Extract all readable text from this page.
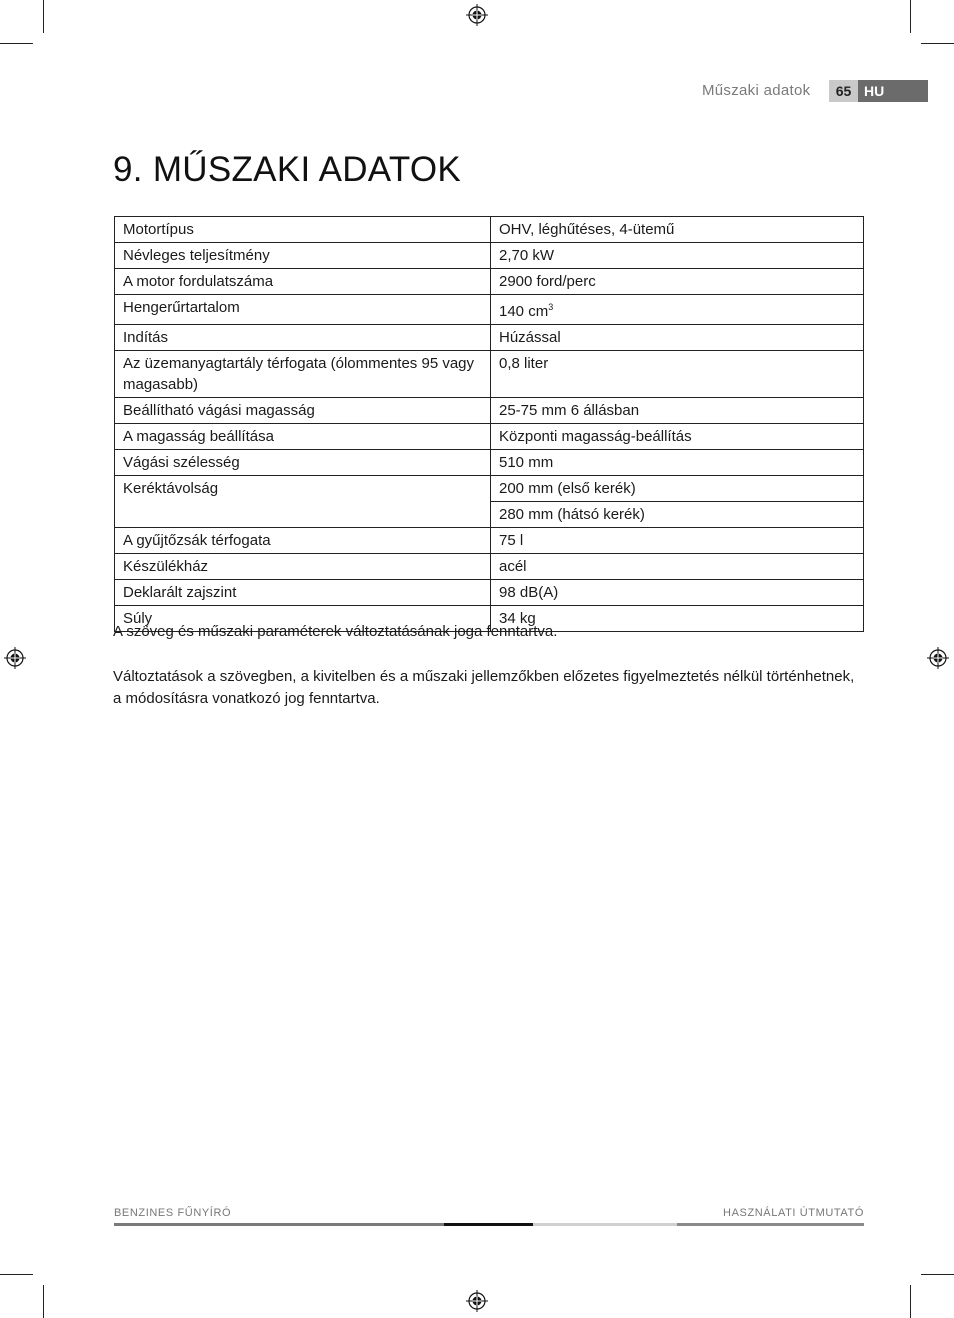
Műszaki adatok	65 HU
9. MŰSZAKI ADATOK
Motortípus	OHV, léghűtéses, 4-ütemű
Névleges teljesítmény	2,70 kW
A motor fordulatszáma	2900 ford/perc
Hengerűrtartalom	140 $cm^3$
Indítás	Húzással
Az üzemanyagtartály térfogata (ólommentes 95 vagy magasabb)	0,8 liter
Beállítható vágási magasság	25-75 mm 6 állásban
A magasság beállítása	Központi magasság-beállítás
Vágási szélesség	510 mm
Keréktávolság	200 mm (első kerék)
	280 mm (hátsó kerék)
A gyűjtőzsák térfogata	75 l
Készülékház	acél
Deklarált zajszint	98 dB(A)
Súly	34 kg
A szöveg és műszaki paraméterek változtatásának joga fenntartva.
Változtatások a szövegben, a kivitelben és a műszaki jellemzőkben előzetes figyelmeztetés nélkül történhetnek,
a módosításra vonatkozó jog fenntartva.
BENZINES FŰNYÍRÓ	HASZNÁLATI ÚTMUTATÓ
